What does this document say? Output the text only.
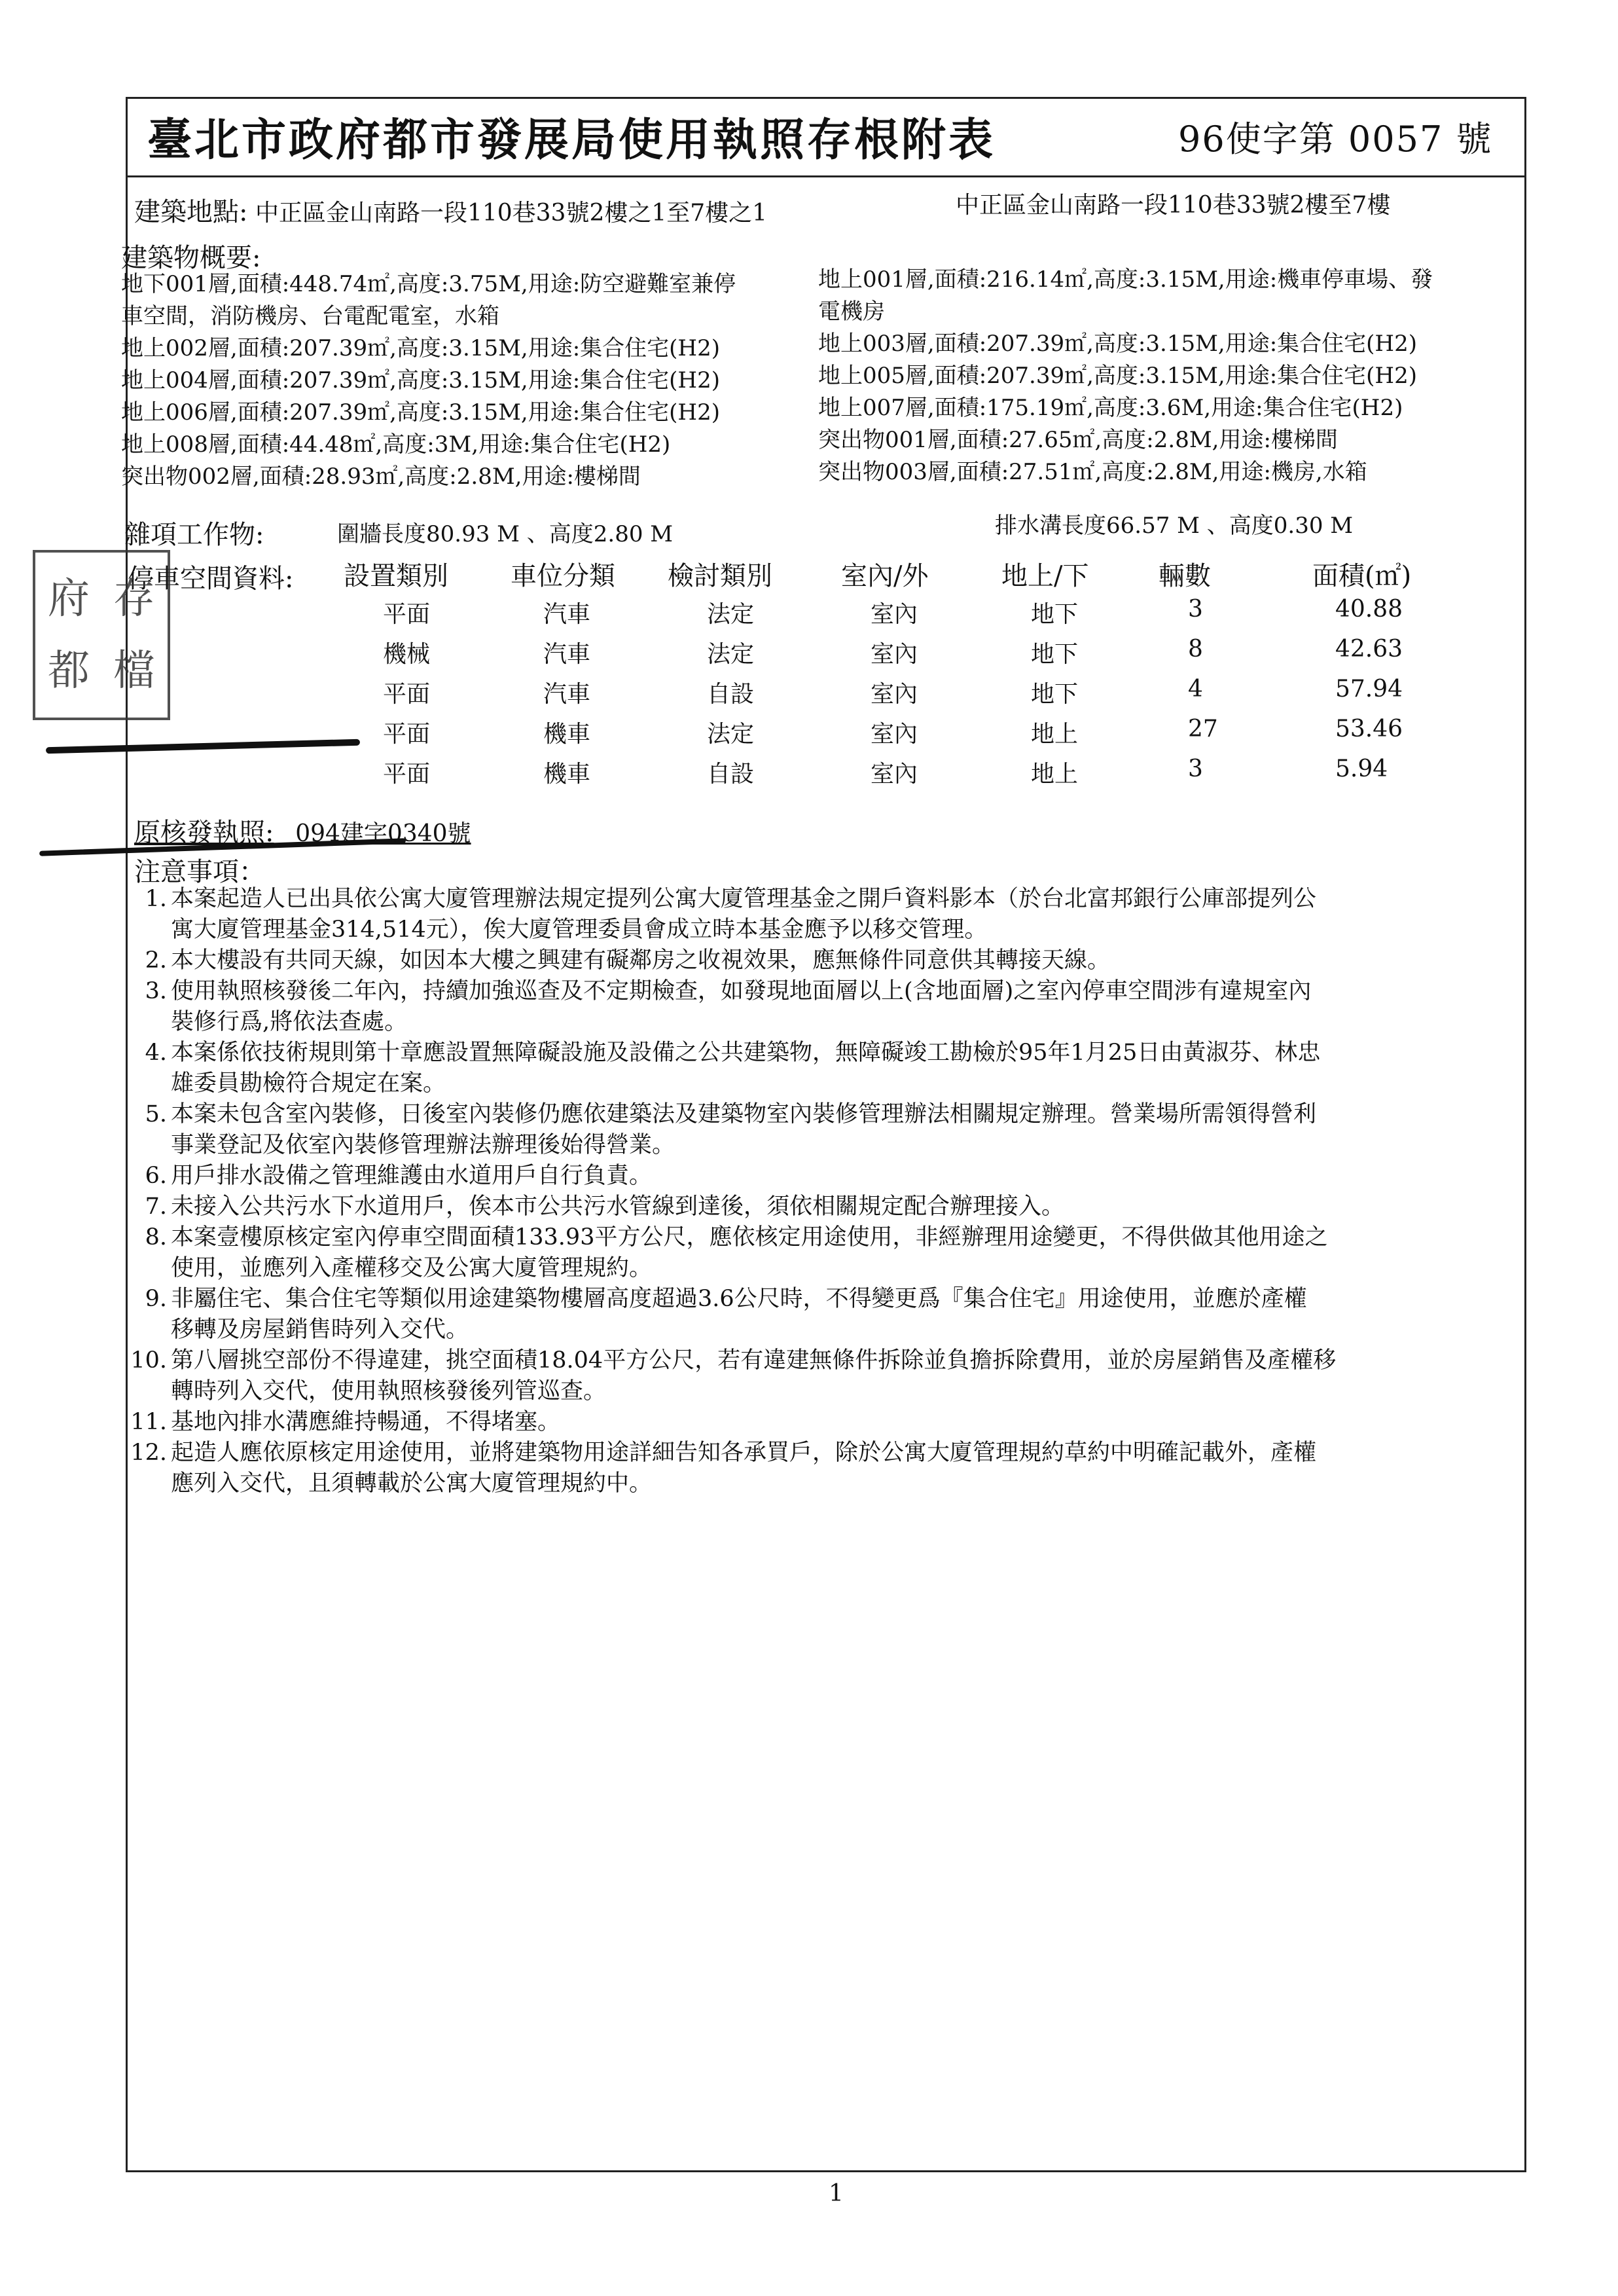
臺北市政府都市發展局使用執照存根附表	96使字第 0057 號
建築地點: 中正區金山南路一段110巷33號2樓之1至7樓之1	中正區金山南路一段110巷33號2樓至7樓
建築物概要:
地下001層,面積:448.74㎡,高度:3.75M,用途:防空避難室兼停
車空間，消防機房、台電配電室，水箱
地上002層,面積:207.39㎡,高度:3.15M,用途:集合住宅(H2)
地上004層,面積:207.39㎡,高度:3.15M,用途:集合住宅(H2)
地上006層,面積:207.39㎡,高度:3.15M,用途:集合住宅(H2)
地上008層,面積:44.48㎡,高度:3M,用途:集合住宅(H2)
突出物002層,面積:28.93㎡,高度:2.8M,用途:樓梯間
地上001層,面積:216.14㎡,高度:3.15M,用途:機車停車場、發
電機房
地上003層,面積:207.39㎡,高度:3.15M,用途:集合住宅(H2)
地上005層,面積:207.39㎡,高度:3.15M,用途:集合住宅(H2)
地上007層,面積:175.19㎡,高度:3.6M,用途:集合住宅(H2)
突出物001層,面積:27.65㎡,高度:2.8M,用途:樓梯間
突出物003層,面積:27.51㎡,高度:2.8M,用途:機房,水箱
雜項工作物:	圍牆長度80.93 M 、高度2.80 M	排水溝長度66.57 M 、高度0.30 M
停車空間資料: 設置類別 車位分類 檢討類別	室內/外	地上/下	輛數	面積(㎡)
平面	汽車	法定	室內	地下	3	40.88
機械	汽車	法定	室內	地下	8	42.63
平面	汽車	自設	室內	地下	4	57.94
平面	機車	法定	室內	地上	27	53.46
平面	機車	自設	室內	地上	3	5.94
府 存
都 檔
原核發執照: 094建字0340號
注意事項：
1. 本案起造人已出具依公寓大廈管理辦法規定提列公寓大廈管理基金之開戶資料影本（於台北富邦銀行公庫部提列公
寓大廈管理基金314,514元），俟大廈管理委員會成立時本基金應予以移交管理。
2. 本大樓設有共同天線，如因本大樓之興建有礙鄰房之收視效果，應無條件同意供其轉接天線。
3. 使用執照核發後二年內，持續加強巡查及不定期檢查，如發現地面層以上(含地面層)之室內停車空間涉有違規室內
裝修行爲,將依法查處。
4. 本案係依技術規則第十章應設置無障礙設施及設備之公共建築物，無障礙竣工勘檢於95年1月25日由黃淑芬、林忠
雄委員勘檢符合規定在案。
5. 本案未包含室內裝修，日後室內裝修仍應依建築法及建築物室內裝修管理辦法相關規定辦理。營業場所需領得營利
事業登記及依室內裝修管理辦法辦理後始得營業。
6. 用戶排水設備之管理維護由水道用戶自行負責。
7. 未接入公共污水下水道用戶，俟本市公共污水管線到達後，須依相關規定配合辦理接入。
8. 本案壹樓原核定室內停車空間面積133.93平方公尺，應依核定用途使用，非經辦理用途變更，不得供做其他用途之
使用，並應列入產權移交及公寓大廈管理規約。
9. 非屬住宅、集合住宅等類似用途建築物樓層高度超過3.6公尺時，不得變更爲『集合住宅』用途使用，並應於產權
移轉及房屋銷售時列入交代。
10. 第八層挑空部份不得違建，挑空面積18.04平方公尺，若有違建無條件拆除並負擔拆除費用，並於房屋銷售及產權移
轉時列入交代，使用執照核發後列管巡查。
11. 基地內排水溝應維持暢通，不得堵塞。
12. 起造人應依原核定用途使用，並將建築物用途詳細告知各承買戶，除於公寓大廈管理規約草約中明確記載外，產權
應列入交代，且須轉載於公寓大廈管理規約中。
1
